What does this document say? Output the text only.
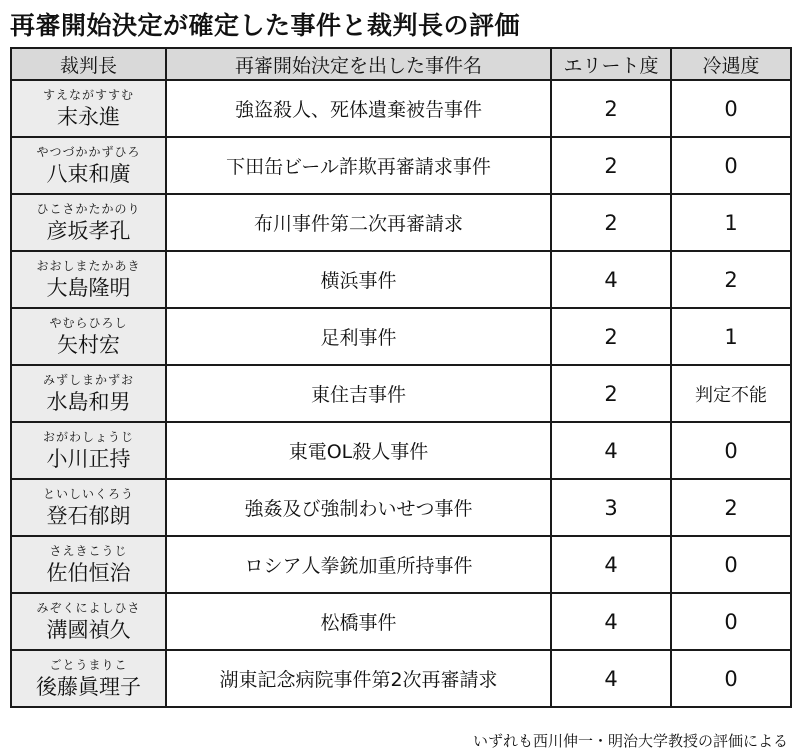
再審開始決定が確定した事件と裁判長の評価
裁判長	再審開始決定を出した事件名	エリート度	冷遇度

すえながすすむ
末永進	強盗殺人、死体遺棄被告事件	2	0

やつづかかずひろ
八束和廣	下田缶ビール詐欺再審請求事件	2	0

ひこさかたかのり
彦坂孝孔	布川事件第二次再審請求	2	1

おおしまたかあき
大島隆明	横浜事件	4	2

やむらひろし
矢村宏	足利事件	2	1

みずしまかずお
水島和男	東住吉事件	2	判定不能

おがわしょうじ
小川正持	東電OL殺人事件	4	0

といしいくろう
登石郁朗	強姦及び強制わいせつ事件	3	2

さえきこうじ
佐伯恒治	ロシア人拳銃加重所持事件	4	0

みぞくによしひさ
溝國禎久	松橋事件	4	0

ごとうまりこ
後藤眞理子	湖東記念病院事件第2次再審請求	4	0
いずれも西川伸一・明治大学教授の評価による
